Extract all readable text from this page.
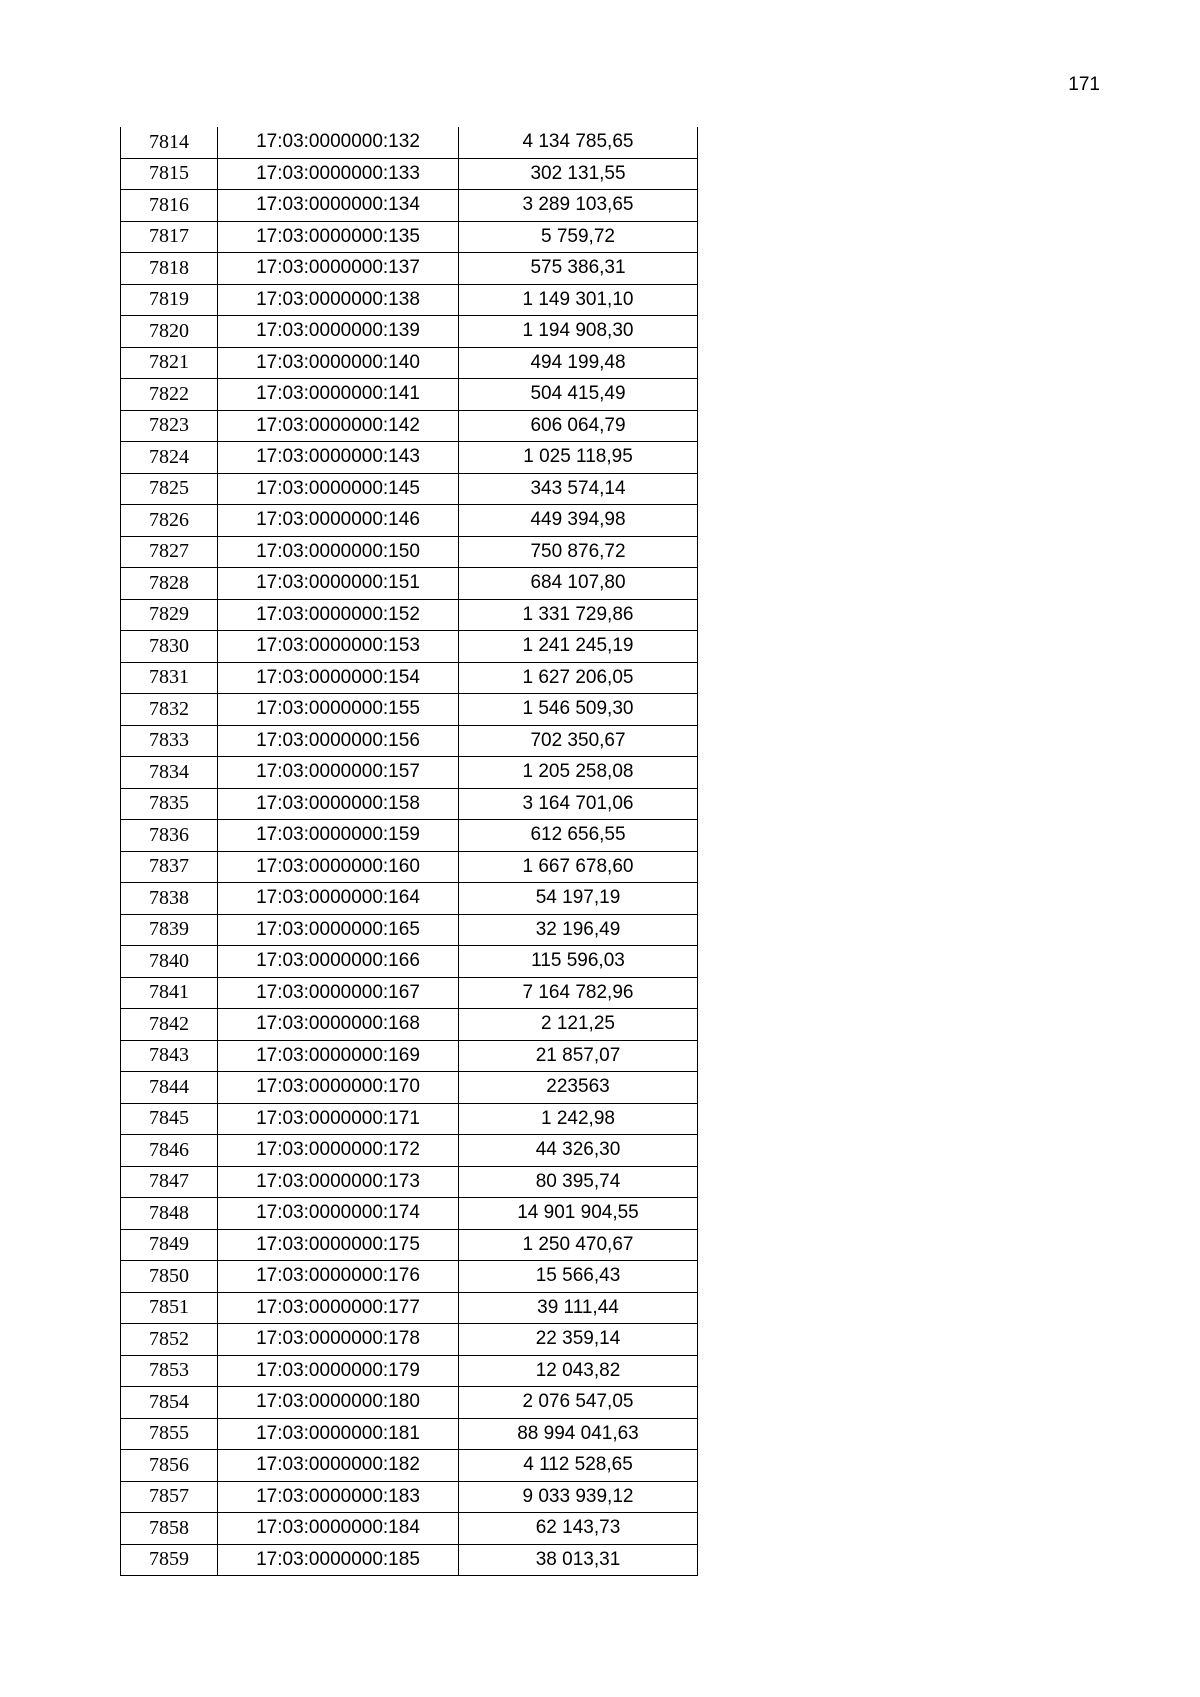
171
7814	17:03:0000000:132	4 134 785,65
7815	17:03:0000000:133	302 131,55
7816	17:03:0000000:134	3 289 103,65
7817	17:03:0000000:135	5 759,72
7818	17:03:0000000:137	575 386,31
7819	17:03:0000000:138	1 149 301,10
7820	17:03:0000000:139	1 194 908,30
7821	17:03:0000000:140	494 199,48
7822	17:03:0000000:141	504 415,49
7823	17:03:0000000:142	606 064,79
7824	17:03:0000000:143	1 025 118,95
7825	17:03:0000000:145	343 574,14
7826	17:03:0000000:146	449 394,98
7827	17:03:0000000:150	750 876,72
7828	17:03:0000000:151	684 107,80
7829	17:03:0000000:152	1 331 729,86
7830	17:03:0000000:153	1 241 245,19
7831	17:03:0000000:154	1 627 206,05
7832	17:03:0000000:155	1 546 509,30
7833	17:03:0000000:156	702 350,67
7834	17:03:0000000:157	1 205 258,08
7835	17:03:0000000:158	3 164 701,06
7836	17:03:0000000:159	612 656,55
7837	17:03:0000000:160	1 667 678,60
7838	17:03:0000000:164	54 197,19
7839	17:03:0000000:165	32 196,49
7840	17:03:0000000:166	115 596,03
7841	17:03:0000000:167	7 164 782,96
7842	17:03:0000000:168	2 121,25
7843	17:03:0000000:169	21 857,07
7844	17:03:0000000:170	223563
7845	17:03:0000000:171	1 242,98
7846	17:03:0000000:172	44 326,30
7847	17:03:0000000:173	80 395,74
7848	17:03:0000000:174	14 901 904,55
7849	17:03:0000000:175	1 250 470,67
7850	17:03:0000000:176	15 566,43
7851	17:03:0000000:177	39 111,44
7852	17:03:0000000:178	22 359,14
7853	17:03:0000000:179	12 043,82
7854	17:03:0000000:180	2 076 547,05
7855	17:03:0000000:181	88 994 041,63
7856	17:03:0000000:182	4 112 528,65
7857	17:03:0000000:183	9 033 939,12
7858	17:03:0000000:184	62 143,73
7859	17:03:0000000:185	38 013,31
